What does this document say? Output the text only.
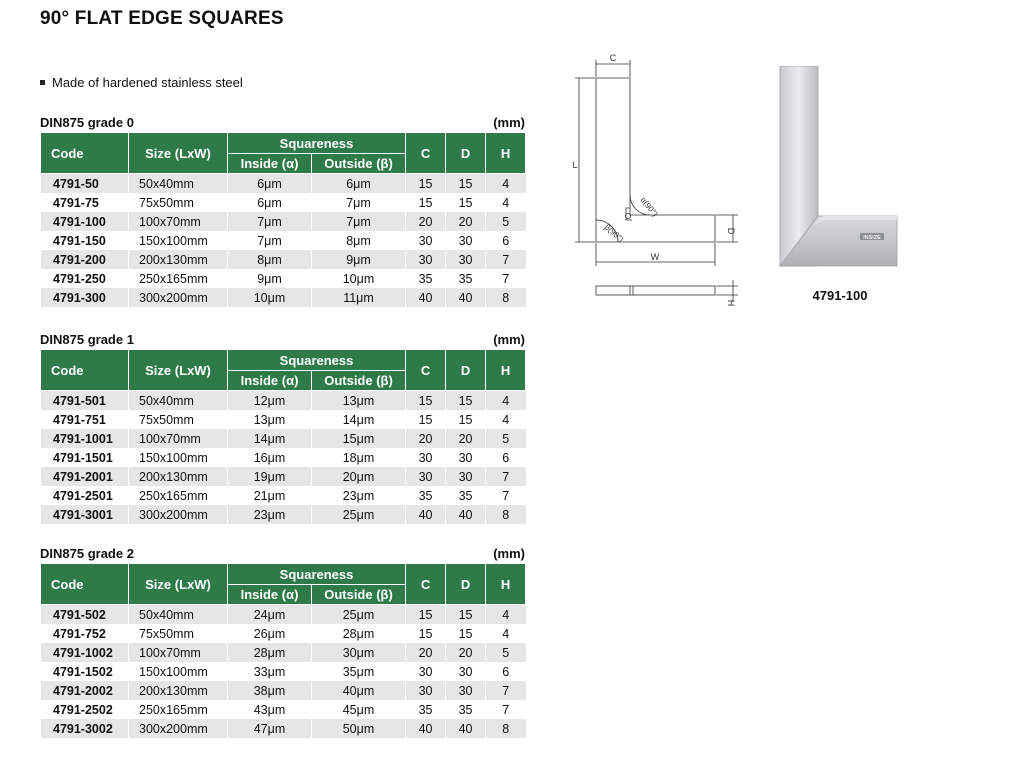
90° FLAT EDGE SQUARES
Made of hardened stainless steel
DIN875 grade 0	(mm)
Code	Size (LxW)	Squareness		C	D	H
		Inside (α)	Outside (β)			
4791-50	50x40mm	6μm	6μm	15	15	4
4791-75	75x50mm	6μm	7μm	15	15	4
4791-100	100x70mm	7μm	7μm	20	20	5
4791-150	150x100mm	7μm	8μm	30	30	6
4791-200	200x130mm	8μm	9μm	30	30	7
4791-250	250x165mm	9μm	10μm	35	35	7
4791-300	300x200mm	10μm	11μm	40	40	8
DIN875 grade 1	(mm)
Code	Size (LxW)	Squareness		C	D	H
		Inside (α)	Outside (β)			
4791-501	50x40mm	12μm	13μm	15	15	4
4791-751	75x50mm	13μm	14μm	15	15	4
4791-1001	100x70mm	14μm	15μm	20	20	5
4791-1501	150x100mm	16μm	18μm	30	30	6
4791-2001	200x130mm	19μm	20μm	30	30	7
4791-2501	250x165mm	21μm	23μm	35	35	7
4791-3001	300x200mm	23μm	25μm	40	40	8
DIN875 grade 2	(mm)
Code	Size (LxW)	Squareness		C	D	H
		Inside (α)	Outside (β)			
4791-502	50x40mm	24μm	25μm	15	15	4
4791-752	75x50mm	26μm	28μm	15	15	4
4791-1002	100x70mm	28μm	30μm	20	20	5
4791-1502	150x100mm	33μm	35μm	30	30	6
4791-2002	200x130mm	38μm	40μm	30	30	7
4791-2502	250x165mm	43μm	45μm	35	35	7
4791-3002	300x200mm	47μm	50μm	40	40	8
C
L
W
D
H
α(90°)
β(90°)	INSIZE
4791-100
